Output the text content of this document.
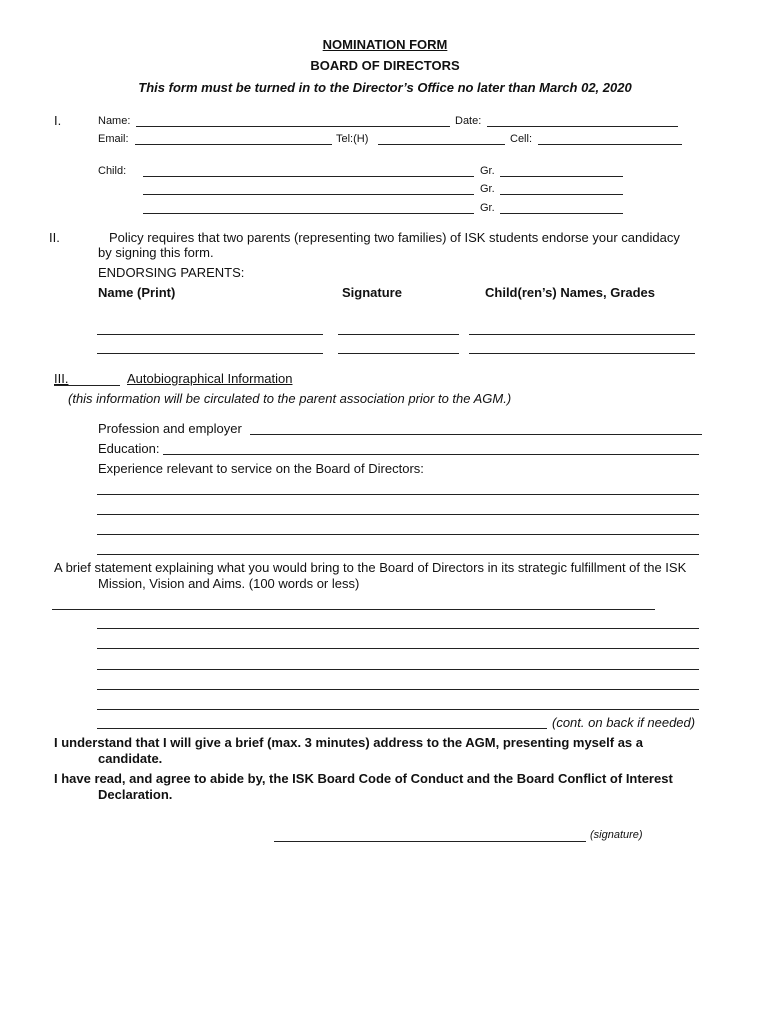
NOMINATION FORM
BOARD OF DIRECTORS
This form must be turned in to the Director’s Office no later than March 02, 2020
I.	Name:	Date:
Email:	Tel:(H)	Cell:
Child:	Gr.
Gr.
Gr.
II.	Policy requires that two parents (representing two families) of ISK students endorse your candidacy
by signing this form.
ENDORSING PARENTS:
Name (Print)	Signature	Child(ren’s) Names, Grades
III.	Autobiographical Information
(this information will be circulated to the parent association prior to the AGM.)
Profession and employer
Education:
Experience relevant to service on the Board of Directors:
A brief statement explaining what you would bring to the Board of Directors in its strategic fulfillment of the ISK
Mission, Vision and Aims. (100 words or less)
(cont. on back if needed)
I understand that I will give a brief (max. 3 minutes) address to the AGM, presenting myself as a
candidate.
I have read, and agree to abide by, the ISK Board Code of Conduct and the Board Conflict of Interest
Declaration.
(signature)
